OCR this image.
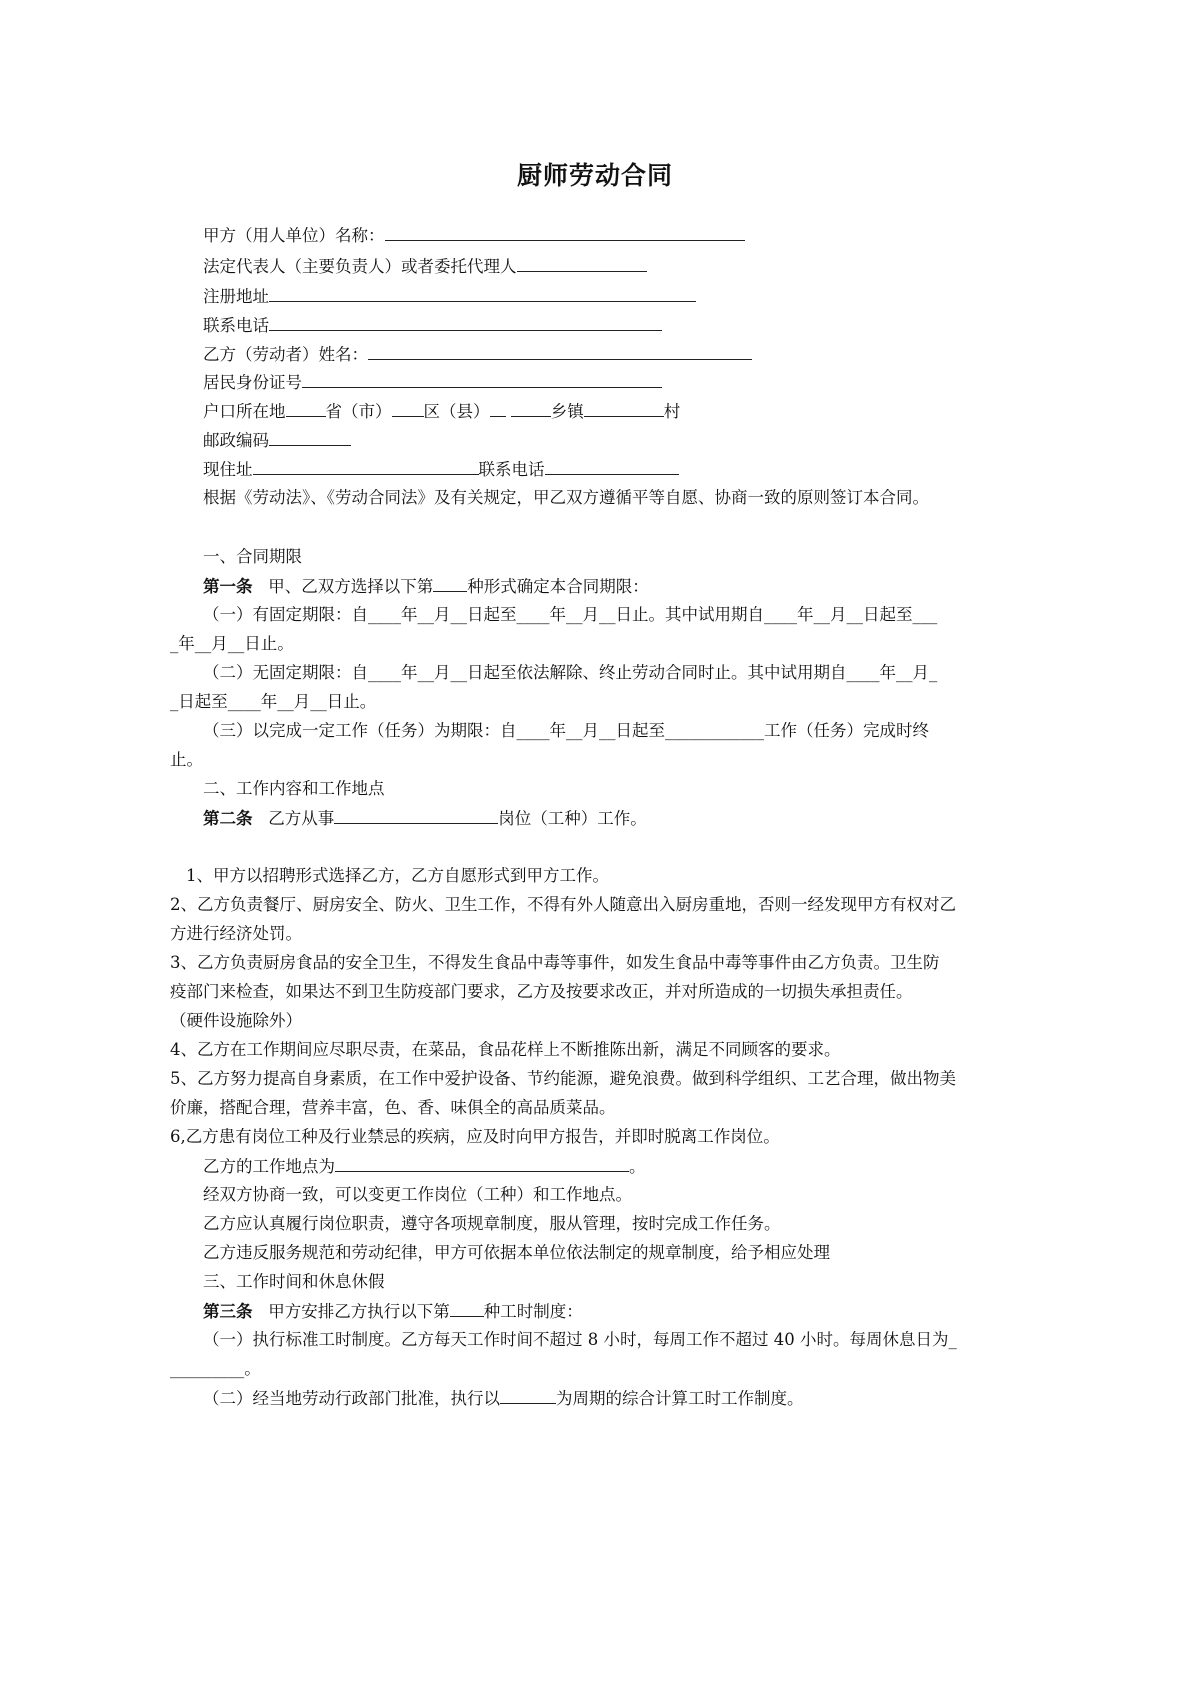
厨师劳动合同
甲方（用人单位）名称：
法定代表人（主要负责人）或者委托代理人
注册地址
联系电话
乙方（劳动者）姓名：
居民身份证号
户口所在地 省（市） 区（县）	乡镇	村
邮政编码
现住址	联系电话
根据《劳动法》、《劳动合同法》及有关规定，甲乙双方遵循平等自愿、协商一致的原则签订本合同。
一、合同期限
第一条 甲、乙双方选择以下第 种形式确定本合同期限：
（一）有固定期限：自____年__月__日起至____年__月__日止。其中试用期自____年__月__日起至___
_年__月__日止。
（二）无固定期限：自____年__月__日起至依法解除、终止劳动合同时止。其中试用期自____年__月_
_日起至____年__月__日止。
（三）以完成一定工作（任务）为期限：自____年__月__日起至____________工作（任务）完成时终
止。
二、工作内容和工作地点
第二条 乙方从事	岗位（工种）工作。
1、甲方以招聘形式选择乙方，乙方自愿形式到甲方工作。
2、乙方负责餐厅、厨房安全、防火、卫生工作，不得有外人随意出入厨房重地，否则一经发现甲方有权对乙
方进行经济处罚。
3、乙方负责厨房食品的安全卫生，不得发生食品中毒等事件，如发生食品中毒等事件由乙方负责。卫生防
疫部门来检查，如果达不到卫生防疫部门要求，乙方及按要求改正，并对所造成的一切损失承担责任。
（硬件设施除外）
4、乙方在工作期间应尽职尽责，在菜品，食品花样上不断推陈出新，满足不同顾客的要求。
5、乙方努力提高自身素质，在工作中爱护设备、节约能源，避免浪费。做到科学组织、工艺合理，做出物美
价廉，搭配合理，营养丰富，色、香、味俱全的高品质菜品。
6,乙方患有岗位工种及行业禁忌的疾病，应及时向甲方报告，并即时脱离工作岗位。
乙方的工作地点为	。
经双方协商一致，可以变更工作岗位（工种）和工作地点。
乙方应认真履行岗位职责，遵守各项规章制度，服从管理，按时完成工作任务。
乙方违反服务规范和劳动纪律，甲方可依据本单位依法制定的规章制度，给予相应处理
三、工作时间和休息休假
第三条 甲方安排乙方执行以下第 种工时制度：
（一）执行标准工时制度。乙方每天工作时间不超过 8 小时，每周工作不超过 40 小时。每周休息日为_
_________。
（二）经当地劳动行政部门批准，执行以	为周期的综合计算工时工作制度。
